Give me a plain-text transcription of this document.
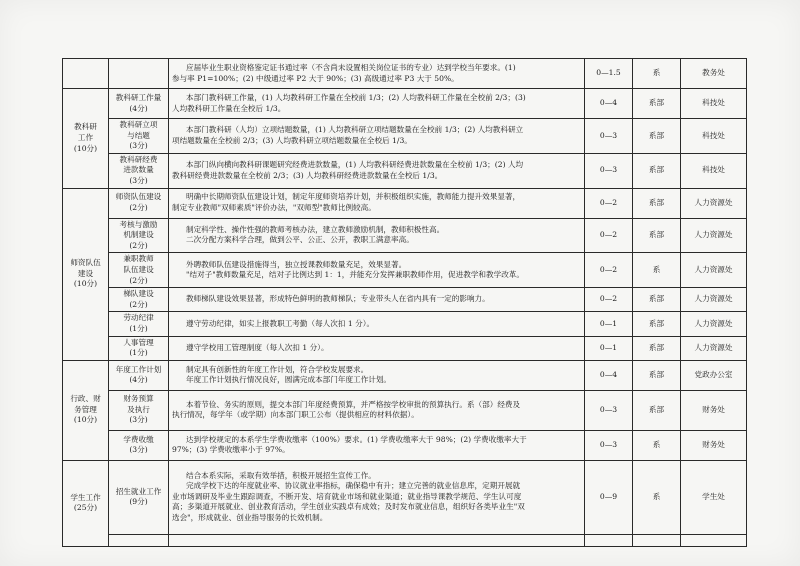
		应届毕业生职业资格鉴定证书通过率（不含尚未设置相关岗位证书的专业）达到学校当年要求。(1)
参与率 P1=100%；(2) 中级通过率 P2 大于 90%；(3) 高级通过率 P3 大于 50%。	0—1.5	系	教务处

教科研
工作
(10分)	教科研工作量
(4分)	本部门教科研工作量，(1) 人均教科研工作量在全校前 1/3；(2) 人均教科研工作量在全校前 2/3；(3)
人均教科研工作量在全校后 1/3。	0—4	系部	科技处

	教科研立项
与结题
(3分)	本部门教科研（人均）立项结题数量，(1) 人均教科研立项结题数量在全校前 1/3；(2) 人均教科研立
项结题数量在全校前 2/3；(3) 人均教科研立项结题数量在全校后 1/3。	0—3	系部	科技处

	教科研经费
进款数量
(3分)	本部门纵向横向教科研课题研究经费进款数量，(1) 人均教科研经费进款数量在全校前 1/3；(2) 人均
教科研经费进款数量在全校前 2/3；(3) 人均教科研经费进款数量在全校后 1/3。	0—3	系部	科技处

师资队伍
建设
(10分)	师资队伍建设
(2分)	明确中长期师资队伍建设计划，制定年度师资培养计划，并积极组织实施，教师能力提升效果显著，
制定专业教师"双师素质"评价办法，"双师型"教师比例较高。	0—2	系部	人力资源处

	考核与激励
机制建设
(2分)	制定科学性、操作性强的教师考核办法，建立教师激励机制，教师积极性高。
二次分配方案科学合理，做到公平、公正、公开，教职工满意率高。	0—2	系部	人力资源处

	兼职教师
队伍建设
(2分)	外聘教师队伍建设措施得当，独立授课教师数量充足，效果显著。
"结对子"教师数量充足，结对子比例达到 1：1，并能充分发挥兼职教师作用，促进教学和教学改革。	0—2	系	人力资源处

	梯队建设
(2分)	教师梯队建设效果显著，形成特色鲜明的教师梯队；专业带头人在省内具有一定的影响力。	0—2	系部	人力资源处

	劳动纪律
(1分)	遵守劳动纪律，如实上报教职工考勤（每人次扣 1 分）。	0—1	系部	人力资源处

	人事管理
(1分)	遵守学校用工管理制度（每人次扣 1 分）。	0—1	系部	人力资源处

行政、财
务管理
(10分)	年度工作计划
(4分)	制定具有创新性的年度工作计划，符合学校发展要求。
年度工作计划执行情况良好，圆满完成本部门年度工作计划。	0—4	系部	党政办公室

	财务预算
及执行
(3分)	本着节俭、务实的原则，提交本部门年度经费预算，并严格按学校审批的预算执行。系（部）经费及
执行情况，每学年（或学期）向本部门职工公布（提供相应的材料依据）。	0—3	系部	财务处

	学费收缴
(3分)	达到学校规定的本系学生学费收缴率（100%）要求。(1) 学费收缴率大于 98%；(2) 学费收缴率大于
97%；(3) 学费收缴率小于 97%。	0—3	系	财务处

学生工作
(25分)	招生就业工作
(9分)	结合本系实际，采取有效举措，积极开展招生宣传工作。
完成学校下达的年度就业率、协议就业率指标，确保稳中有升；建立完善的就业信息库，定期开展就
业市场调研及毕业生跟踪调查，不断开发、培育就业市场和就业渠道；就业指导课教学规范、学生认可度
高；多渠道开展就业、创业教育活动，学生创业实践卓有成效；及时发布就业信息，组织好各类毕业生"双
选会"，形成就业、创业指导服务的长效机制。	0—9	系	学生处
